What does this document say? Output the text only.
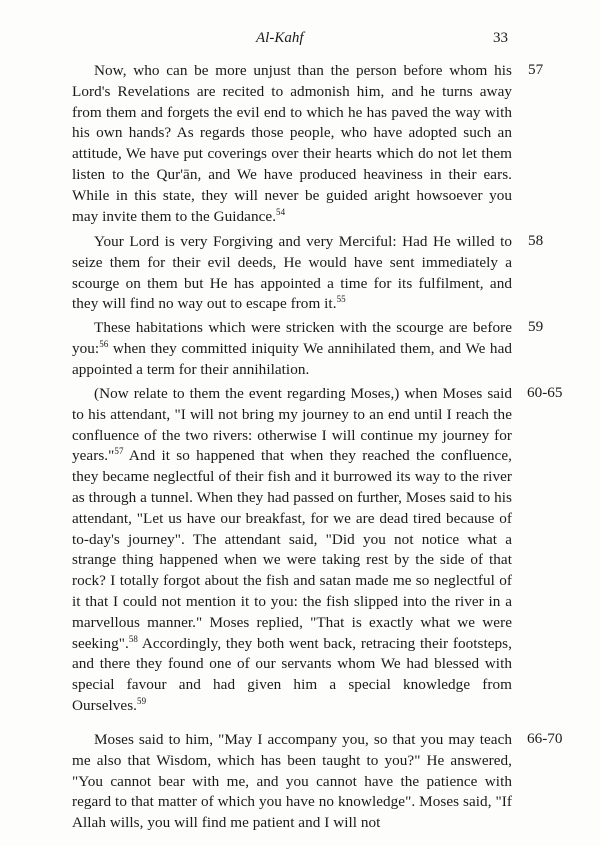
Al-Kahf	33

Now, who can be more unjust than the person before whom his Lord's Revelations are recited to admonish him, and he turns away from them and forgets the evil end to which he has paved the way with his own hands? As regards those people, who have adopted such an attitude, We have put coverings over their hearts which do not let them listen to the Qur'ān, and We have produced heaviness in their ears. While in this state, they will never be guided aright howsoever you may invite them to the Guidance.$^{54}$

57

Your Lord is very Forgiving and very Merciful: Had He willed to seize them for their evil deeds, He would have sent immediately a scourge on them but He has appointed a time for its fulfilment, and they will find no way out to escape from it.$^{55}$

58

These habitations which were stricken with the scourge are before you:$^{56}$ when they committed iniquity We annihilated them, and We had appointed a term for their annihilation.

59

(Now relate to them the event regarding Moses,) when Moses said to his attendant, "I will not bring my journey to an end until I reach the confluence of the two rivers: otherwise I will continue my journey for years."$^{57}$ And it so happened that when they reached the confluence, they became neglectful of their fish and it burrowed its way to the river as through a tunnel. When they had passed on further, Moses said to his attendant, "Let us have our breakfast, for we are dead tired because of to-day's journey". The attendant said, "Did you not notice what a strange thing happened when we were taking rest by the side of that rock? I totally forgot about the fish and satan made me so neglectful of it that I could not mention it to you: the fish slipped into the river in a marvellous manner." Moses replied, "That is exactly what we were seeking".$^{58}$ Accordingly, they both went back, retracing their footsteps, and there they found one of our servants whom We had blessed with special favour and had given him a special knowledge from Ourselves.$^{59}$

60-65

Moses said to him, "May I accompany you, so that you may teach me also that Wisdom, which has been taught to you?" He answered, "You cannot bear with me, and you cannot have the patience with regard to that matter of which you have no knowledge". Moses said, "If Allah wills, you will find me patient and I will not

66-70
